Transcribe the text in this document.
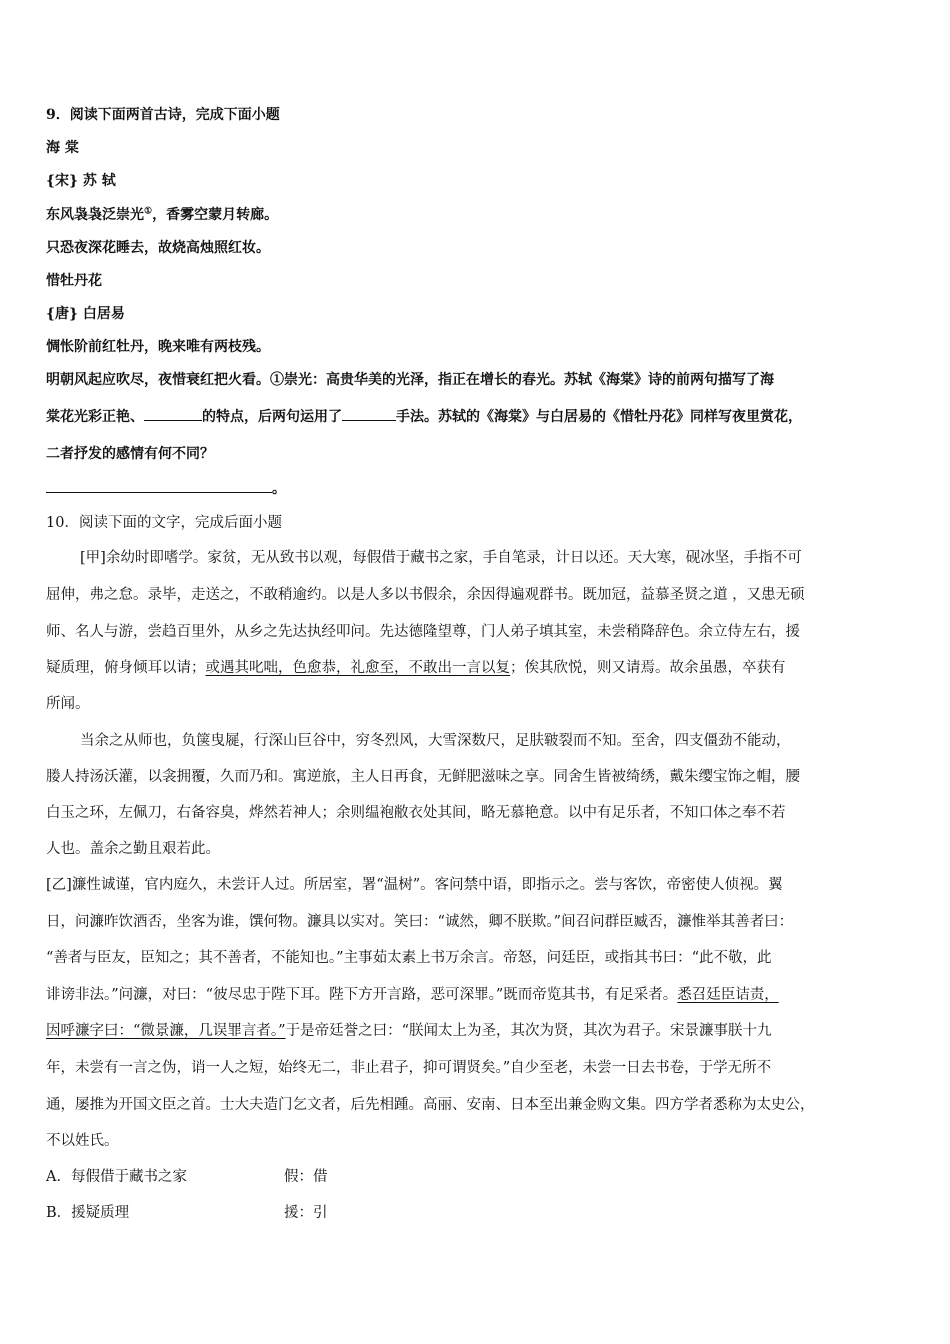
9．阅读下面两首古诗，完成下面小题
海 棠
{宋} 苏 轼
东风袅袅泛崇光①，香雾空蒙月转廊。
只恐夜深花睡去，故烧高烛照红妆。
惜牡丹花
{唐} 白居易
惆怅阶前红牡丹，晚来唯有两枝残。
明朝风起应吹尽，夜惜衰红把火看。①崇光：高贵华美的光泽，指正在增长的春光。苏轼《海棠》诗的前两句描写了海
棠花光彩正艳、	的特点，后两句运用了	手法。苏轼的《海棠》与白居易的《惜牡丹花》同样写夜里赏花，
二者抒发的感情有何不同？
。
10．阅读下面的文字，完成后面小题
[甲]余幼时即嗜学。家贫，无从致书以观，每假借于藏书之家，手自笔录，计日以还。天大寒，砚冰坚，手指不可
屈伸，弗之怠。录毕，走送之，不敢稍逾约。以是人多以书假余，余因得遍观群书。既加冠，益慕圣贤之道 ，又患无硕
师、名人与游，尝趋百里外，从乡之先达执经叩问。先达德隆望尊，门人弟子填其室，未尝稍降辞色。余立侍左右，援
疑质理，俯身倾耳以请；或遇其叱咄，色愈恭，礼愈至，不敢出一言以复；俟其欣悦，则又请焉。故余虽愚，卒获有
所闻。
当余之从师也，负箧曳屣，行深山巨谷中，穷冬烈风，大雪深数尺，足肤皲裂而不知。至舍，四支僵劲不能动，
媵人持汤沃灌，以衾拥覆，久而乃和。寓逆旅，主人日再食，无鲜肥滋味之享。同舍生皆被绮绣，戴朱缨宝饰之帽，腰
白玉之环，左佩刀，右备容臭，烨然若神人；余则缊袍敝衣处其间，略无慕艳意。以中有足乐者，不知口体之奉不若
人也。盖余之勤且艰若此。
[乙]濂性诚谨，官内庭久，未尝讦人过。所居室，署“温树”。客问禁中语，即指示之。尝与客饮，帝密使人侦视。翼
日，问濂昨饮酒否，坐客为谁，馔何物。濂具以实对。笑曰：“诚然，卿不朕欺。”间召问群臣臧否，濂惟举其善者曰：
“善者与臣友，臣知之；其不善者，不能知也。”主事茹太素上书万余言。帝怒，问廷臣，或指其书曰：“此不敬，此
诽谤非法。”问濂，对曰：“彼尽忠于陛下耳。陛下方开言路，恶可深罪。”既而帝览其书，有足采者。悉召廷臣诘责，
因呼濂字曰：“微景濂，几误罪言者。”于是帝廷誉之曰：“朕闻太上为圣，其次为贤，其次为君子。宋景濂事朕十九
年，未尝有一言之伪，诮一人之短，始终无二，非止君子，抑可谓贤矣。”自少至老，未尝一日去书卷，于学无所不
通，屡推为开国文臣之首。士大夫造门乞文者，后先相踵。高丽、安南、日本至出兼金购文集。四方学者悉称为太史公，
不以姓氏。
A．每假借于藏书之家	假：借
B．援疑质理	援：引
